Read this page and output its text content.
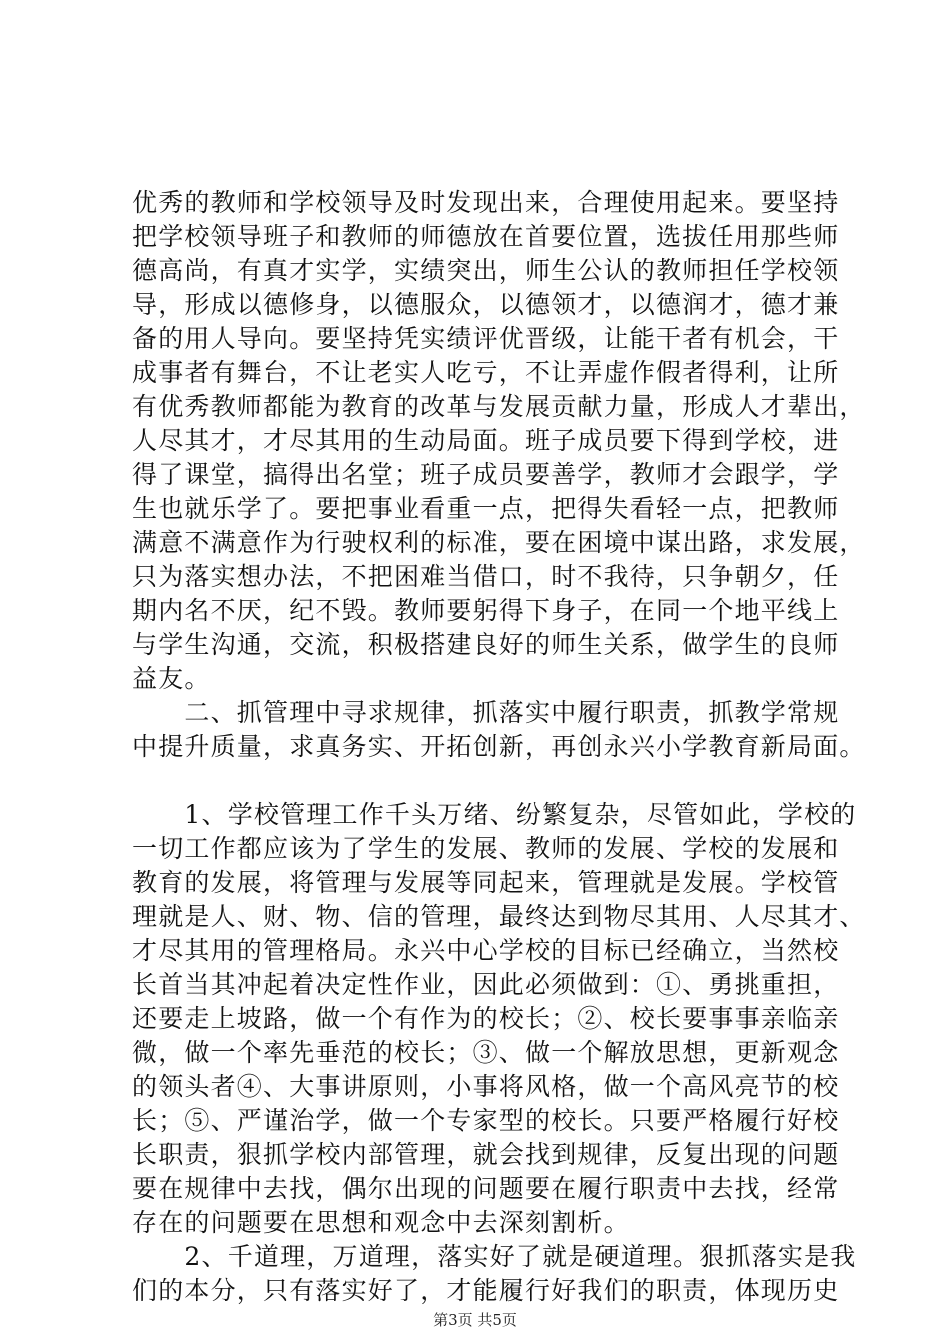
优秀的教师和学校领导及时发现出来，合理使用起来。要坚持
把学校领导班子和教师的师德放在首要位置，选拔任用那些师
德高尚，有真才实学，实绩突出，师生公认的教师担任学校领
导，形成以德修身，以德服众，以德领才，以德润才，德才兼
备的用人导向。要坚持凭实绩评优晋级，让能干者有机会，干
成事者有舞台，不让老实人吃亏，不让弄虚作假者得利，让所
有优秀教师都能为教育的改革与发展贡献力量，形成人才辈出，
人尽其才，才尽其用的生动局面。班子成员要下得到学校，进
得了课堂，搞得出名堂；班子成员要善学，教师才会跟学，学
生也就乐学了。要把事业看重一点，把得失看轻一点，把教师
满意不满意作为行驶权利的标准，要在困境中谋出路，求发展，
只为落实想办法，不把困难当借口，时不我待，只争朝夕，任
期内名不厌，纪不毁。教师要躬得下身子，在同一个地平线上
与学生沟通，交流，积极搭建良好的师生关系，做学生的良师
益友。
　　二、抓管理中寻求规律，抓落实中履行职责，抓教学常规
中提升质量，求真务实、开拓创新，再创永兴小学教育新局面。
　　1、学校管理工作千头万绪、纷繁复杂，尽管如此，学校的
一切工作都应该为了学生的发展、教师的发展、学校的发展和
教育的发展，将管理与发展等同起来，管理就是发展。学校管
理就是人、财、物、信的管理，最终达到物尽其用、人尽其才、
才尽其用的管理格局。永兴中心学校的目标已经确立，当然校
长首当其冲起着决定性作业，因此必须做到：①、勇挑重担，
还要走上坡路，做一个有作为的校长；②、校长要事事亲临亲
微，做一个率先垂范的校长；③、做一个解放思想，更新观念
的领头者④、大事讲原则，小事将风格，做一个高风亮节的校
长；⑤、严谨治学，做一个专家型的校长。只要严格履行好校
长职责，狠抓学校内部管理，就会找到规律，反复出现的问题
要在规律中去找，偶尔出现的问题要在履行职责中去找，经常
存在的问题要在思想和观念中去深刻割析。
　　2、千道理，万道理，落实好了就是硬道理。狠抓落实是我
们的本分，只有落实好了，才能履行好我们的职责，体现历史
第3页 共5页
